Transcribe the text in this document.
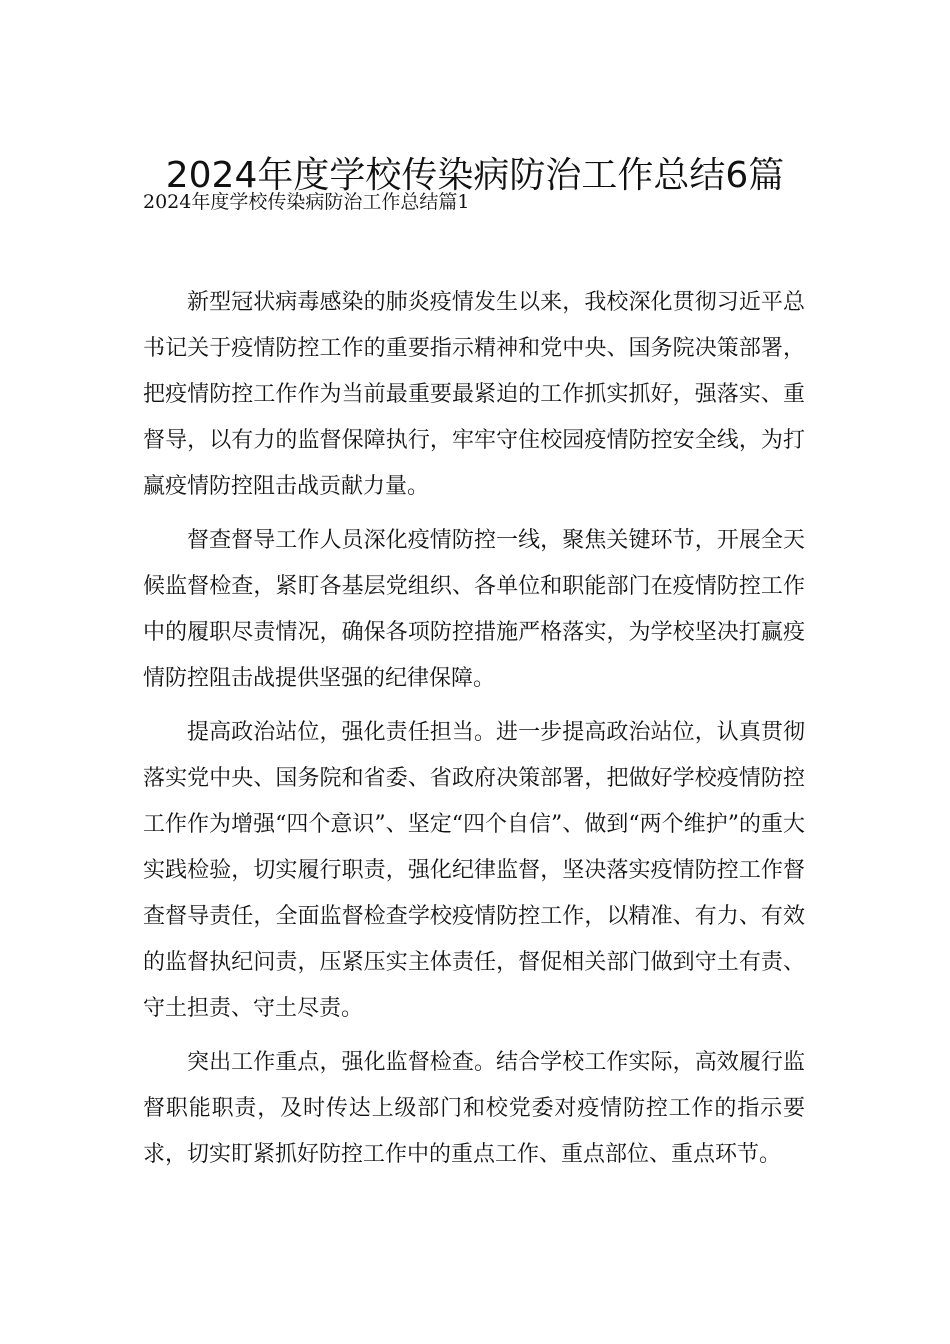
2024年度学校传染病防治工作总结6篇
2024年度学校传染病防治工作总结篇1

新型冠状病毒感染的肺炎疫情发生以来，我校深化贯彻习近平总书记关于疫情防控工作的重要指示精神和党中央、国务院决策部署，把疫情防控工作作为当前最重要最紧迫的工作抓实抓好，强落实、重督导，以有力的监督保障执行，牢牢守住校园疫情防控安全线，为打赢疫情防控阻击战贡献力量。

督查督导工作人员深化疫情防控一线，聚焦关键环节，开展全天候监督检查，紧盯各基层党组织、各单位和职能部门在疫情防控工作中的履职尽责情况，确保各项防控措施严格落实，为学校坚决打赢疫情防控阻击战提供坚强的纪律保障。

提高政治站位，强化责任担当。进一步提高政治站位，认真贯彻落实党中央、国务院和省委、省政府决策部署，把做好学校疫情防控工作作为增强“四个意识”、坚定“四个自信”、做到“两个维护”的重大实践检验，切实履行职责，强化纪律监督，坚决落实疫情防控工作督查督导责任，全面监督检查学校疫情防控工作，以精准、有力、有效的监督执纪问责，压紧压实主体责任，督促相关部门做到守土有责、守土担责、守土尽责。

突出工作重点，强化监督检查。结合学校工作实际，高效履行监督职能职责，及时传达上级部门和校党委对疫情防控工作的指示要求，切实盯紧抓好防控工作中的重点工作、重点部位、重点环节。
